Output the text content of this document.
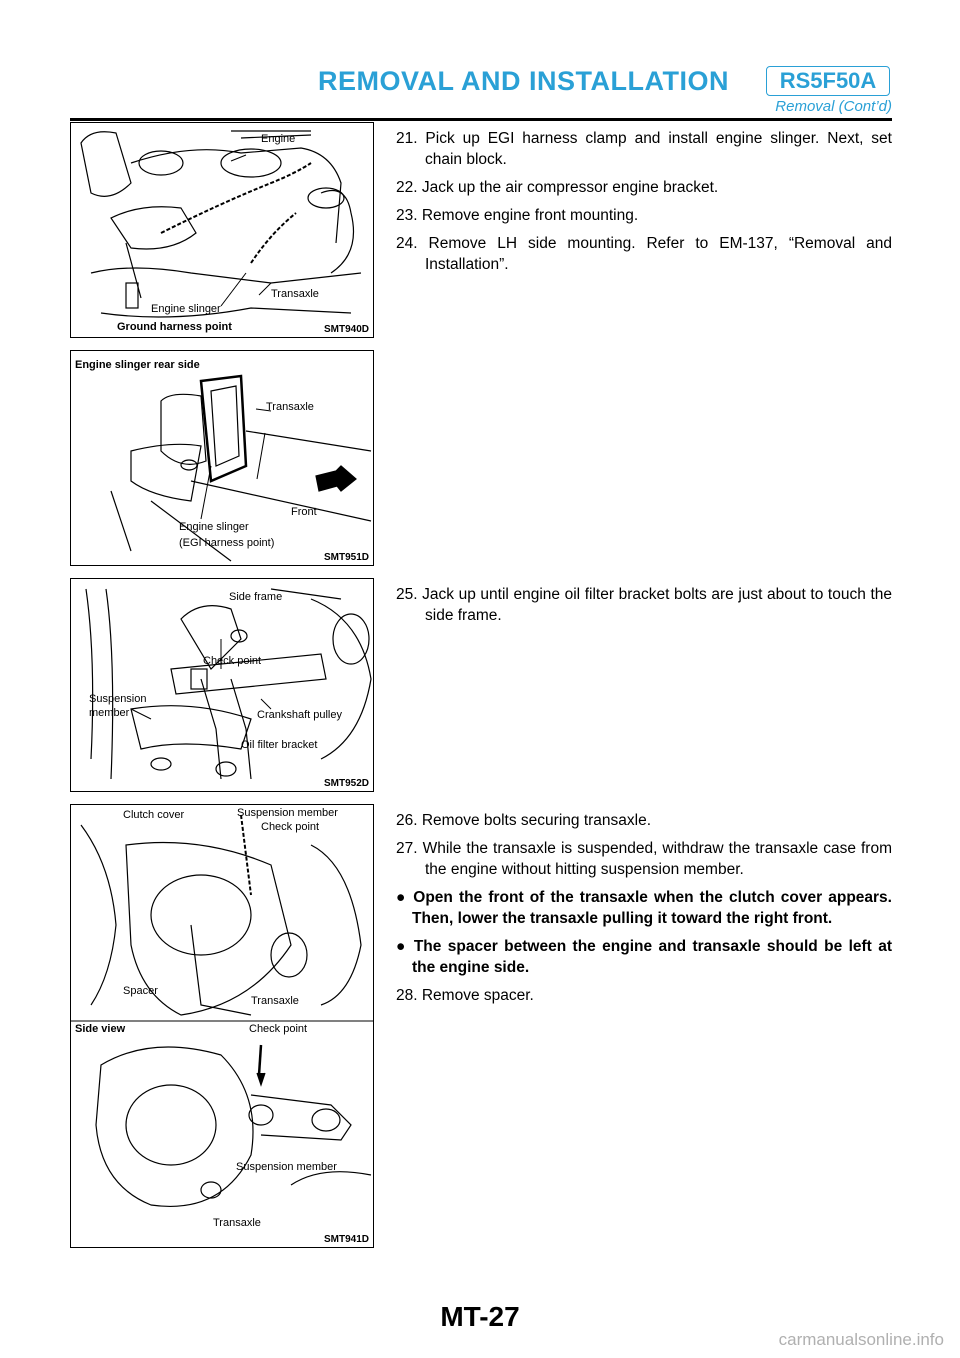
REMOVAL AND INSTALLATION	RS5F50A
Removal (Cont’d)
Engine
Engine slinger
Transaxle
Ground harness point	SMT940D
Engine slinger rear side
Transaxle
Front
Engine slinger
(EGI harness point)
SMT951D
Side frame
Check point
Suspension
member	Crankshaft pulley
Oil filter bracket
SMT952D
Clutch cover	Suspension member
Check point
Spacer
Transaxle
Side view	Check point
Suspension member
Transaxle
SMT941D

21. Pick up EGI harness clamp and install engine slinger. Next, set chain block.

22. Jack up the air compressor engine bracket.

23. Remove engine front mounting.

24. Remove LH side mounting. Refer to EM-137, “Removal and Installation”.

25. Jack up until engine oil filter bracket bolts are just about to touch the side frame.

26. Remove bolts securing transaxle.

27. While the transaxle is suspended, withdraw the transaxle case from the engine without hitting suspension member.

● Open the front of the transaxle when the clutch cover appears. Then, lower the transaxle pulling it toward the right front.

● The spacer between the engine and transaxle should be left at the engine side.

28. Remove spacer.

MT-27
carmanualsonline.info
